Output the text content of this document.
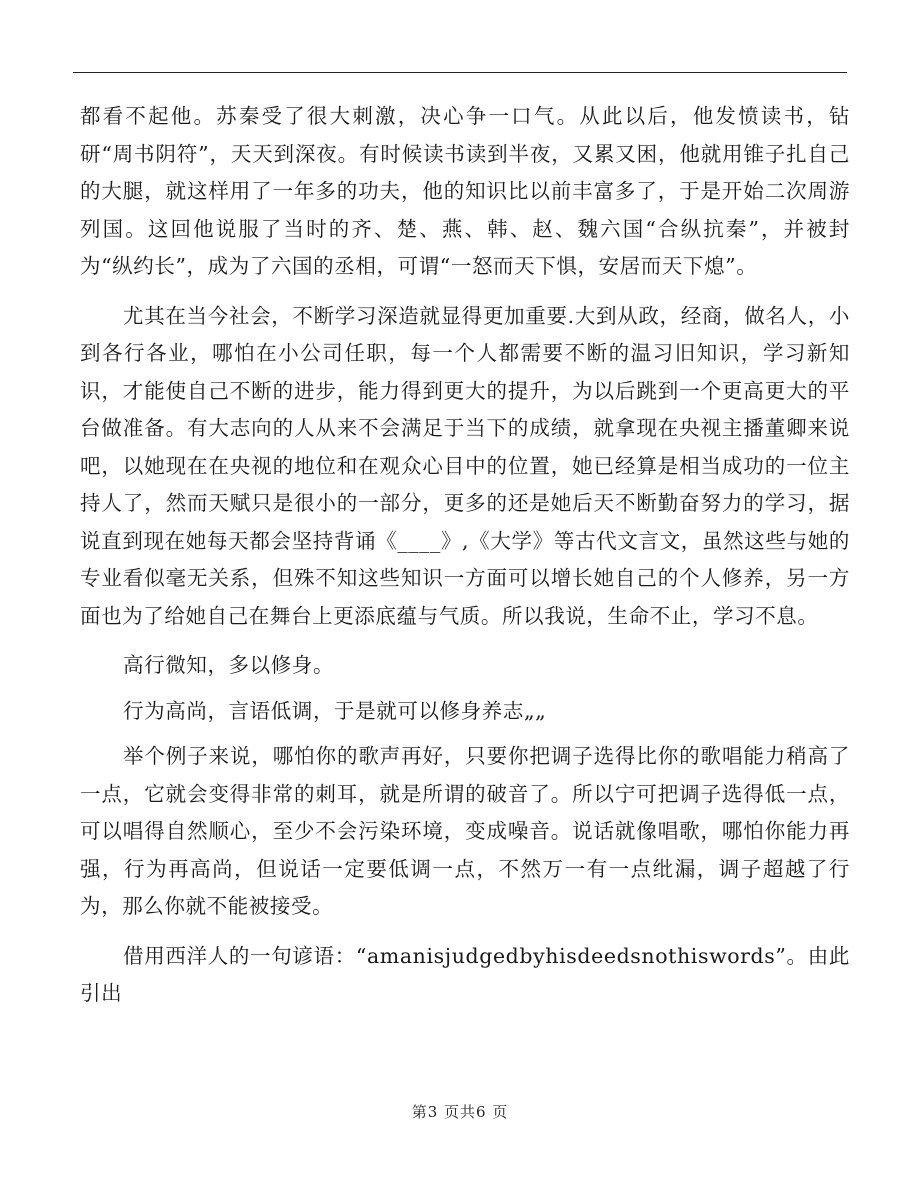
都看不起他。苏秦受了很大刺激，决心争一口气。从此以后，他发愤读书，钻研“周书阴符”，天天到深夜。有时候读书读到半夜，又累又困，他就用锥子扎自己的大腿，就这样用了一年多的功夫，他的知识比以前丰富多了，于是开始二次周游列国。这回他说服了当时的齐、楚、燕、韩、赵、魏六国“合纵抗秦”，并被封为“纵约长”，成为了六国的丞相，可谓“一怒而天下惧，安居而天下熄”。

尤其在当今社会，不断学习深造就显得更加重要.大到从政，经商，做名人，小到各行各业，哪怕在小公司任职，每一个人都需要不断的温习旧知识，学习新知识，才能使自己不断的进步，能力得到更大的提升，为以后跳到一个更高更大的平台做准备。有大志向的人从来不会满足于当下的成绩，就拿现在央视主播董卿来说吧，以她现在在央视的地位和在观众心目中的位置，她已经算是相当成功的一位主持人了，然而天赋只是很小的一部分，更多的还是她后天不断勤奋努力的学习，据说直到现在她每天都会坚持背诵《____》,《大学》等古代文言文，虽然这些与她的专业看似毫无关系，但殊不知这些知识一方面可以增长她自己的个人修养，另一方面也为了给她自己在舞台上更添底蕴与气质。所以我说，生命不止，学习不息。

高行微知，多以修身。

行为高尚，言语低调，于是就可以修身养志„„

举个例子来说，哪怕你的歌声再好，只要你把调子选得比你的歌唱能力稍高了一点，它就会变得非常的刺耳，就是所谓的破音了。所以宁可把调子选得低一点，可以唱得自然顺心，至少不会污染环境，变成噪音。说话就像唱歌，哪怕你能力再强，行为再高尚，但说话一定要低调一点，不然万一有一点纰漏，调子超越了行为，那么你就不能被接受。

借用西洋人的一句谚语：“amanisjudgedbyhisdeedsnothiswords”。由此引出

第3 页共6 页
